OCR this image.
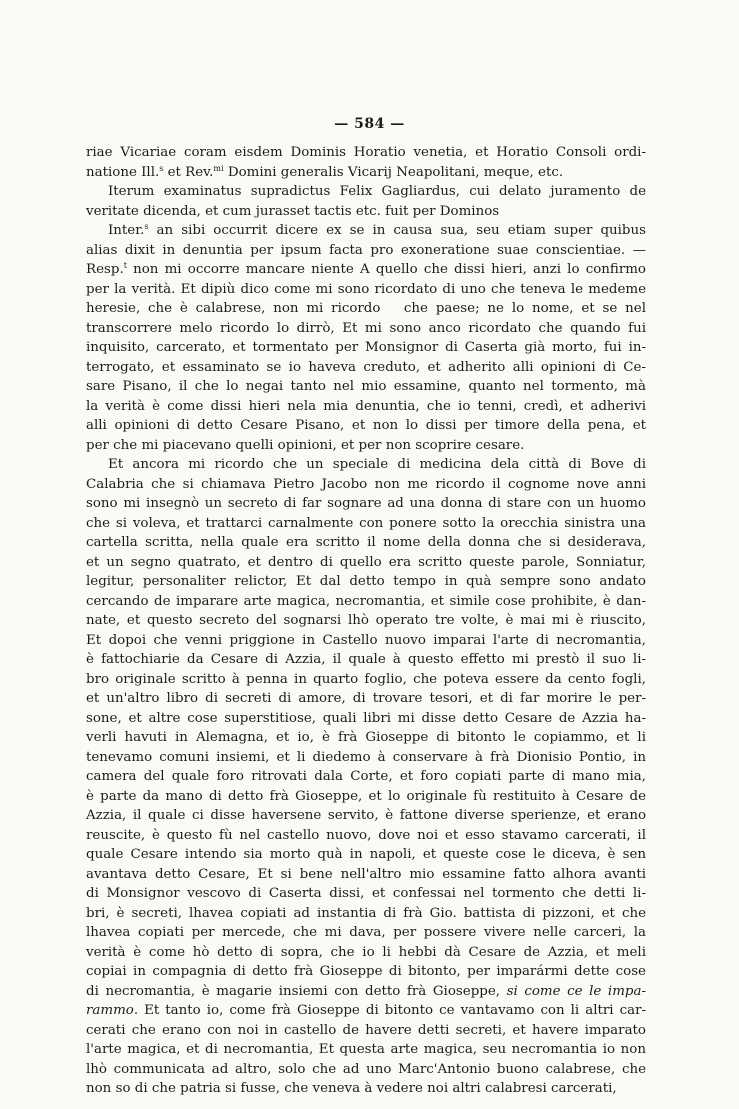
— 584 —
riae Vicariae coram eisdem Dominis Horatio venetia, et Horatio Consoli ordi-
natione Ill.$^s$ et Rev.$^{mi}$ Domini generalis Vicarij Neapolitani, meque, etc.
Iterum examinatus supradictus Felix Gagliardus, cui delato juramento de
veritate dicenda, et cum jurasset tactis etc. fuit per Dominos
Inter.$^s$ an sibi occurrit dicere ex se in causa sua, seu etiam super quibus
alias dixit in denuntia per ipsum facta pro exoneratione suae conscientiae. —
Resp.$^t$ non mi occorre mancare niente A quello che dissi hieri, anzi lo confirmo
per la verità. Et dipiù dico come mi sono ricordato di uno che teneva le medeme
heresie, che è calabrese, non mi ricordo   che paese; ne lo nome, et se nel
transcorrere melo ricordo lo dirrò, Et mi sono anco ricordato che quando fui
inquisito, carcerato, et tormentato per Monsignor di Caserta già morto, fui in-
terrogato, et essaminato se io haveva creduto, et adherito alli opinioni di Ce-
sare Pisano, il che lo negai tanto nel mio essamine, quanto nel tormento, mà
la verità è come dissi hieri nela mia denuntia, che io tenni, credì, et adherivi
alli opinioni di detto Cesare Pisano, et non lo dissi per timore della pena, et
per che mi piacevano quelli opinioni, et per non scoprire cesare.
Et ancora mi ricordo che un speciale di medicina dela città di Bove di
Calabria che si chiamava Pietro Jacobo non me ricordo il cognome nove anni
sono mi insegnò un secreto di far sognare ad una donna di stare con un huomo
che si voleva, et trattarci carnalmente con ponere sotto la orecchia sinistra una
cartella scritta, nella quale era scritto il nome della donna che si desiderava,
et un segno quatrato, et dentro di quello era scritto queste parole, Sonniatur,
legitur, personaliter relictor, Et dal detto tempo in quà sempre sono andato
cercando de imparare arte magica, necromantia, et simile cose prohibite, è dan-
nate, et questo secreto del sognarsi lhò operato tre volte, è mai mi è riuscito,
Et dopoi che venni priggione in Castello nuovo imparai l'arte di necromantia,
è fattochiarie da Cesare di Azzia, il quale à questo effetto mi prestò il suo li-
bro originale scritto à penna in quarto foglio, che poteva essere da cento fogli,
et un'altro libro di secreti di amore, di trovare tesori, et di far morire le per-
sone, et altre cose superstitiose, quali libri mi disse detto Cesare de Azzia ha-
verli havuti in Alemagna, et io, è frà Gioseppe di bitonto le copiammo, et li
tenevamo comuni insiemi, et li diedemo à conservare à frà Dionisio Pontio, in
camera del quale foro ritrovati dala Corte, et foro copiati parte di mano mia,
è parte da mano di detto frà Gioseppe, et lo originale fù restituito à Cesare de
Azzia, il quale ci disse haversene servito, è fattone diverse sperienze, et erano
reuscite, è questo fù nel castello nuovo, dove noi et esso stavamo carcerati, il
quale Cesare intendo sia morto quà in napoli, et queste cose le diceva, è sen
avantava detto Cesare, Et si bene nell'altro mio essamine fatto alhora avanti
di Monsignor vescovo di Caserta dissi, et confessai nel tormento che detti li-
bri, è secreti, lhavea copiati ad instantia di frà Gio. battista di pizzoni, et che
lhavea copiati per mercede, che mi dava, per possere vivere nelle carceri, la
verità è come hò detto di sopra, che io li hebbi dà Cesare de Azzia, et meli
copiai in compagnia di detto frà Gioseppe di bitonto, per imparármi dette cose
di necromantia, è magarie insiemi con detto frà Gioseppe, si come ce le impa-
rammo. Et tanto io, come frà Gioseppe di bitonto ce vantavamo con li altri car-
cerati che erano con noi in castello de havere detti secreti, et havere imparato
l'arte magica, et di necromantia, Et questa arte magica, seu necromantia io non
lhò communicata ad altro, solo che ad uno Marc'Antonio buono calabrese, che
non so di che patria si fusse, che veneva à vedere noi altri calabresi carcerati,
